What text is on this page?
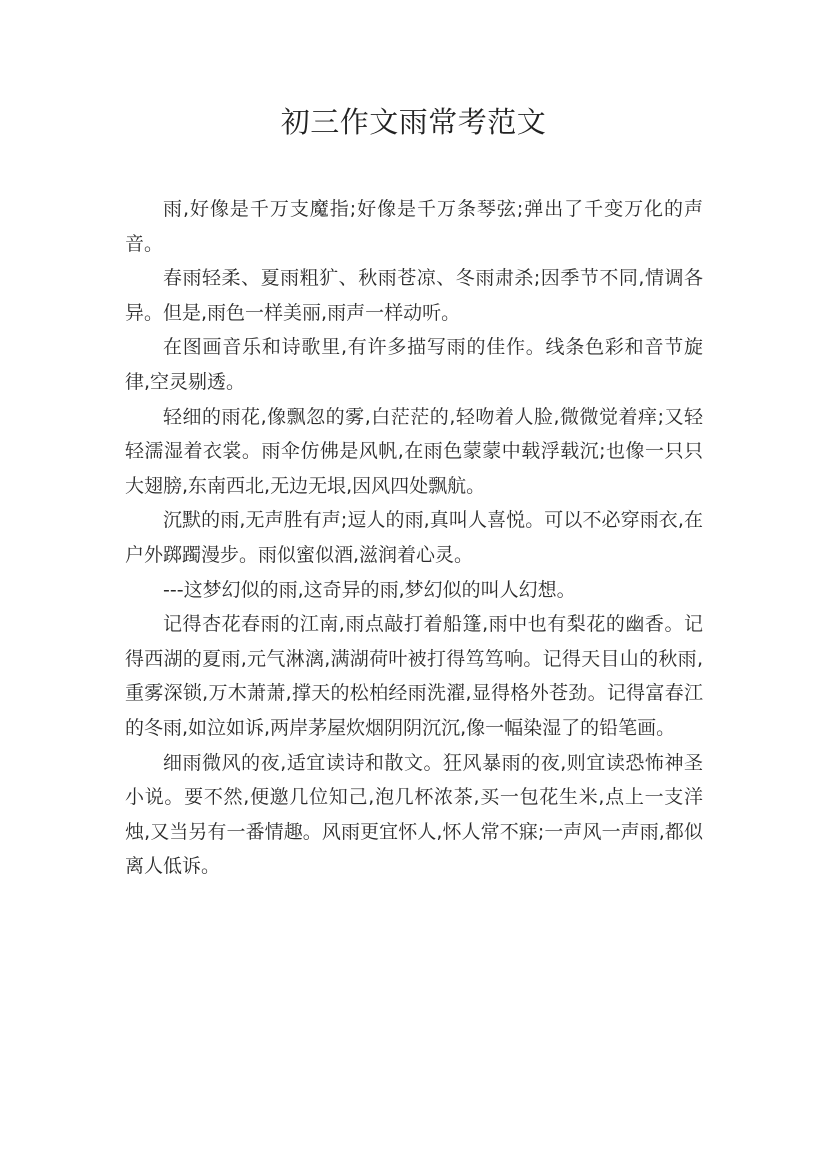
初三作文雨常考范文

雨,好像是千万支魔指;好像是千万条琴弦;弹出了千变万化的声音。

春雨轻柔、夏雨粗犷、秋雨苍凉、冬雨肃杀;因季节不同,情调各异。但是,雨色一样美丽,雨声一样动听。

在图画音乐和诗歌里,有许多描写雨的佳作。线条色彩和音节旋律,空灵剔透。

轻细的雨花,像飘忽的雾,白茫茫的,轻吻着人脸,微微觉着痒;又轻轻濡湿着衣裳。雨伞仿佛是风帆,在雨色蒙蒙中载浮载沉;也像一只只大翅膀,东南西北,无边无垠,因风四处飘航。

沉默的雨,无声胜有声;逗人的雨,真叫人喜悦。可以不必穿雨衣,在户外踯躅漫步。雨似蜜似酒,滋润着心灵。

---这梦幻似的雨,这奇异的雨,梦幻似的叫人幻想。

记得杏花春雨的江南,雨点敲打着船篷,雨中也有梨花的幽香。记得西湖的夏雨,元气淋漓,满湖荷叶被打得笃笃响。记得天目山的秋雨,重雾深锁,万木萧萧,撑天的松柏经雨洗濯,显得格外苍劲。记得富春江的冬雨,如泣如诉,两岸茅屋炊烟阴阴沉沉,像一幅染湿了的铅笔画。

细雨微风的夜,适宜读诗和散文。狂风暴雨的夜,则宜读恐怖神圣小说。要不然,便邀几位知己,泡几杯浓茶,买一包花生米,点上一支洋烛,又当另有一番情趣。风雨更宜怀人,怀人常不寐;一声风一声雨,都似离人低诉。
